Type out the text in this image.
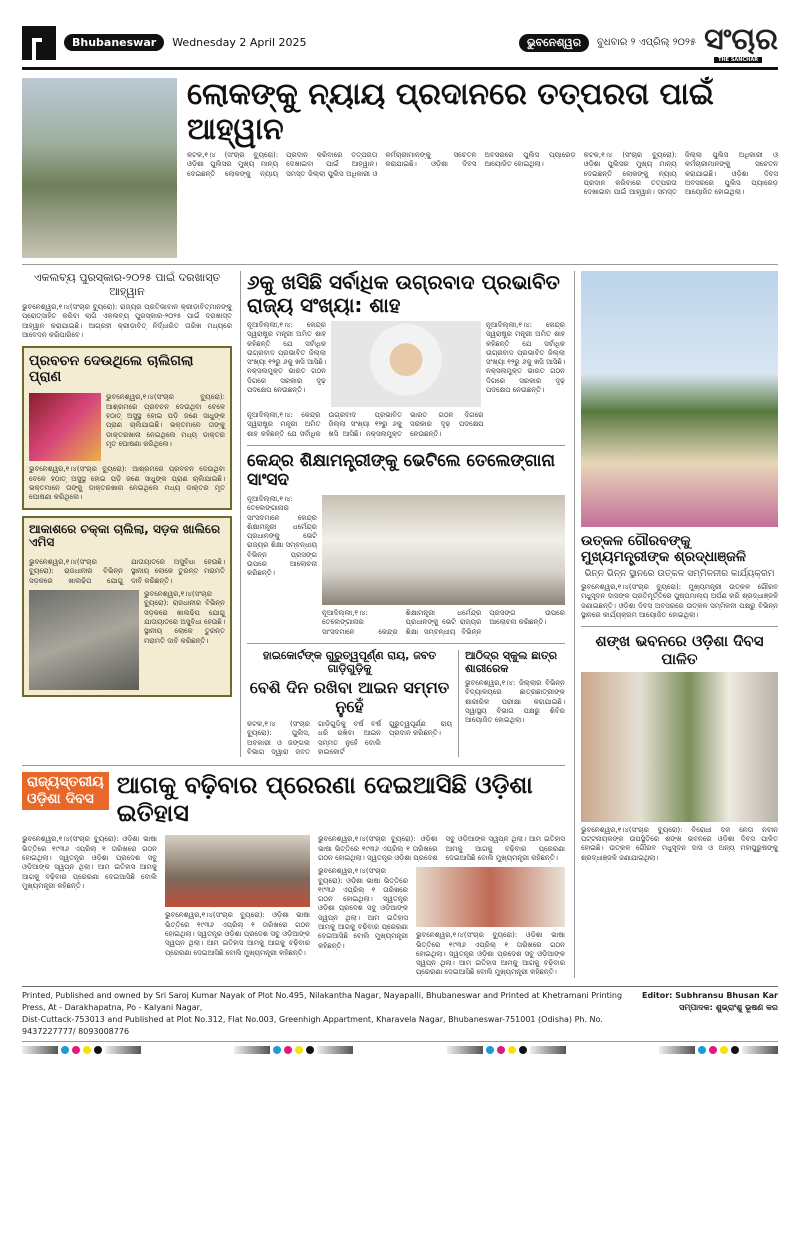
Bhubaneswar	Wednesday 2 April 2025	ଭୁବନେଶ୍ୱର	ବୁଧବାର ୨ ଏପ୍ରିଲ୍ ୨୦୨୫ ସଂଚାର
THE SANCHAR
ଲୋକଙ୍କୁ ନ୍ୟାୟ ପ୍ରଦାନରେ ତତ୍ପରତା ପାଇଁ ଆହ୍ୱାନ
କଟକ,୧।୪ (ସଂଚାର ବ୍ୟୁରୋ): ଓଡ଼ିଶା ପୁଲିସର ମୁଖ୍ୟ ମାନ୍ୟ ଦେଇଛନ୍ତି ଲୋକଙ୍କୁ ନ୍ୟାୟ ପ୍ରଦାନ କରିବାରେ ତତ୍ପରତା ଦେଖାଇବା ପାଇଁ ଆହ୍ୱାନ। ସମସ୍ତ ଜିଲ୍ଲା ପୁଲିସ ଅଧିକାରୀ ଓ କର୍ମଚାରୀମାନଙ୍କୁ ସଚେତନ କରାଯାଇଛି। ଓଡ଼ିଶା ଦିବସ ଅବସରରେ ପୁଲିସ ପ୍ୟାରେଡ଼ ଆୟୋଜିତ ହୋଇଥିଲା।
କଟକ,୧।୪ (ସଂଚାର ବ୍ୟୁରୋ): ଓଡ଼ିଶା ପୁଲିସର ମୁଖ୍ୟ ମାନ୍ୟ ଦେଇଛନ୍ତି ଲୋକଙ୍କୁ ନ୍ୟାୟ ପ୍ରଦାନ କରିବାରେ ତତ୍ପରତା ଦେଖାଇବା ପାଇଁ ଆହ୍ୱାନ। ସମସ୍ତ ଜିଲ୍ଲା ପୁଲିସ ଅଧିକାରୀ ଓ କର୍ମଚାରୀମାନଙ୍କୁ ସଚେତନ କରାଯାଇଛି। ଓଡ଼ିଶା ଦିବସ ଅବସରରେ ପୁଲିସ ପ୍ୟାରେଡ଼ ଆୟୋଜିତ ହୋଇଥିଲା।
ଏକଲବ୍ୟ ପୁରସ୍କାର-୨୦୨୫ ପାଇଁ ଦରଖାସ୍ତ ଆହ୍ୱାନ
ଭୁବନେଶ୍ୱର,୧।୪(ସଂଚାର ବ୍ୟୁରୋ): ରାଜ୍ୟର ପ୍ରତିଭାବାନ କ୍ରୀଡ଼ାବିତ୍ମାନଙ୍କୁ ପ୍ରୋତ୍ସାହିତ କରିବା ଲାଗି ଏକଲବ୍ୟ ପୁରସ୍କାର-୨୦୨୫ ପାଇଁ ଦରଖାସ୍ତ ଆହ୍ୱାନ କରାଯାଇଛି। ଆଗ୍ରହୀ କ୍ରୀଡ଼ାବିତ୍ ନିର୍ଦ୍ଧାରିତ ତାରିଖ ମଧ୍ୟରେ ଆବେଦନ କରିପାରିବେ।
ପ୍ରବଚନ ଦେଉଥିଲେ ଚାଲିଗଲା ପ୍ରାଣ
ଭୁବନେଶ୍ୱର,୧।୪(ସଂଚାର ବ୍ୟୁରୋ): ଆଶ୍ରମରେ ପ୍ରବଚନ ଦେଉଥିବା ବେଳେ ହଠାତ୍ ଅସୁସ୍ଥ ହୋଇ ପଡ଼ି ଜଣେ ସାଧୁଙ୍କ ପ୍ରାଣ ଚାଲିଯାଇଛି। ଭକ୍ତମାନେ ତାଙ୍କୁ ଡାକ୍ତରଖାନା ନେଇଥିଲେ ମଧ୍ୟ ଡାକ୍ତର ମୃତ ଘୋଷଣା କରିଥିଲେ।
ଭୁବନେଶ୍ୱର,୧।୪(ସଂଚାର ବ୍ୟୁରୋ): ଆଶ୍ରମରେ ପ୍ରବଚନ ଦେଉଥିବା ବେଳେ ହଠାତ୍ ଅସୁସ୍ଥ ହୋଇ ପଡ଼ି ଜଣେ ସାଧୁଙ୍କ ପ୍ରାଣ ଚାଲିଯାଇଛି। ଭକ୍ତମାନେ ତାଙ୍କୁ ଡାକ୍ତରଖାନା ନେଇଥିଲେ ମଧ୍ୟ ଡାକ୍ତର ମୃତ ଘୋଷଣା କରିଥିଲେ।
ଆକାଶରେ ଚକ୍କା ଚାଲିଲା, ସଡ଼କ ଖାଲିରେ ଏମିସ
ଭୁବନେଶ୍ୱର,୧।୪(ସଂଚାର ବ୍ୟୁରୋ): ରାଜଧାନୀର ବିଭିନ୍ନ ସଡ଼କରେ ଖାଲଢିପ ଯୋଗୁ ଯାତାୟାତରେ ଅସୁବିଧା ହେଉଛି। ସ୍ଥାନୀୟ ଲୋକେ ତୁରନ୍ତ ମରାମତି ଦାବି କରିଛନ୍ତି।
ଭୁବନେଶ୍ୱର,୧।୪(ସଂଚାର ବ୍ୟୁରୋ): ରାଜଧାନୀର ବିଭିନ୍ନ ସଡ଼କରେ ଖାଲଢିପ ଯୋଗୁ ଯାତାୟାତରେ ଅସୁବିଧା ହେଉଛି। ସ୍ଥାନୀୟ ଲୋକେ ତୁରନ୍ତ ମରାମତି ଦାବି କରିଛନ୍ତି।
୬କୁ ଖସିଛି ସର୍ବାଧିକ ଉଗ୍ରବାଦ ପ୍ରଭାବିତ ରାଜ୍ୟ ସଂଖ୍ୟା: ଶାହ
ନୂଆଦିଲ୍ଲୀ,୧।୪: କେନ୍ଦ୍ର ସ୍ୱରାଷ୍ଟ୍ର ମନ୍ତ୍ରୀ ଅମିତ ଶାହ କହିଛନ୍ତି ଯେ ସର୍ବାଧିକ ଉଗ୍ରବାଦ ପ୍ରଭାବିତ ଜିଲ୍ଲା ସଂଖ୍ୟା ୧୨ରୁ ୬କୁ ଖସି ଆସିଛି। ନକ୍ସଲମୁକ୍ତ ଭାରତ ଗଠନ ଦିଗରେ ସରକାର ଦୃଢ଼ ପଦକ୍ଷେପ ନେଉଛନ୍ତି।
ନୂଆଦିଲ୍ଲୀ,୧।୪: କେନ୍ଦ୍ର ସ୍ୱରାଷ୍ଟ୍ର ମନ୍ତ୍ରୀ ଅମିତ ଶାହ କହିଛନ୍ତି ଯେ ସର୍ବାଧିକ ଉଗ୍ରବାଦ ପ୍ରଭାବିତ ଜିଲ୍ଲା ସଂଖ୍ୟା ୧୨ରୁ ୬କୁ ଖସି ଆସିଛି। ନକ୍ସଲମୁକ୍ତ ଭାରତ ଗଠନ ଦିଗରେ ସରକାର ଦୃଢ଼ ପଦକ୍ଷେପ ନେଉଛନ୍ତି।
ନୂଆଦିଲ୍ଲୀ,୧।୪: କେନ୍ଦ୍ର ସ୍ୱରାଷ୍ଟ୍ର ମନ୍ତ୍ରୀ ଅମିତ ଶାହ କହିଛନ୍ତି ଯେ ସର୍ବାଧିକ ଉଗ୍ରବାଦ ପ୍ରଭାବିତ ଜିଲ୍ଲା ସଂଖ୍ୟା ୧୨ରୁ ୬କୁ ଖସି ଆସିଛି। ନକ୍ସଲମୁକ୍ତ ଭାରତ ଗଠନ ଦିଗରେ ସରକାର ଦୃଢ଼ ପଦକ୍ଷେପ ନେଉଛନ୍ତି।
କେନ୍ଦ୍ର ଶିକ୍ଷାମନ୍ତ୍ରୀଙ୍କୁ ଭେଟିଲେ ତେଲେଙ୍ଗାନା ସାଂସଦ
ନୂଆଦିଲ୍ଲୀ,୧।୪: ତେଲେଙ୍ଗାନାର ସାଂସଦମାନେ କେନ୍ଦ୍ର ଶିକ୍ଷାମନ୍ତ୍ରୀ ଧର୍ମେନ୍ଦ୍ର ପ୍ରଧାନଙ୍କୁ ଭେଟି ରାଜ୍ୟର ଶିକ୍ଷା ସମ୍ବନ୍ଧୀୟ ବିଭିନ୍ନ ପ୍ରସଙ୍ଗ ଉପରେ ଆଲୋଚନା କରିଛନ୍ତି।
ନୂଆଦିଲ୍ଲୀ,୧।୪: ତେଲେଙ୍ଗାନାର ସାଂସଦମାନେ କେନ୍ଦ୍ର ଶିକ୍ଷାମନ୍ତ୍ରୀ ଧର୍ମେନ୍ଦ୍ର ପ୍ରଧାନଙ୍କୁ ଭେଟି ରାଜ୍ୟର ଶିକ୍ଷା ସମ୍ବନ୍ଧୀୟ ବିଭିନ୍ନ ପ୍ରସଙ୍ଗ ଉପରେ ଆଲୋଚନା କରିଛନ୍ତି।
ହାଇକୋର୍ଟଙ୍କ ଗୁରୁତ୍ୱପୂର୍ଣ୍ଣ ରାୟ, ଜବତ ଗାଡ଼ିଗୁଡ଼ିକୁ
ବେଶି ଦିନ ରଖିବା ଆଇନ ସମ୍ମତ ନୁହେଁ
କଟକ,୧।୪ (ସଂଚାର ବ୍ୟୁରୋ): ପୁଲିସ, ଅବକାରୀ ଓ ଜଙ୍ଗଲ ବିଭାଗ ଦ୍ୱାରା ଜବତ ଗାଡ଼ିଗୁଡ଼ିକୁ ବର୍ଷ ବର୍ଷ ଧରି ରଖିବା ଆଇନ ସମ୍ମତ ନୁହେଁ ବୋଲି ହାଇକୋର୍ଟ ଗୁରୁତ୍ୱପୂର୍ଣ୍ଣ ରାୟ ପ୍ରଦାନ କରିଛନ୍ତି।
ଆଠିଦ୍ର ସ୍କୁଲ ଛାତ୍ର ଶାରୀରେକ
ଭୁବନେଶ୍ୱର,୧।୪: ଜିଲ୍ଲାର ବିଭିନ୍ନ ବିଦ୍ୟାଳୟରେ ଛାତ୍ରଛାତ୍ରୀଙ୍କ ଶାରୀରିକ ପରୀକ୍ଷା କରାଯାଇଛି। ସ୍ୱାସ୍ଥ୍ୟ ବିଭାଗ ପକ୍ଷରୁ ଶିବିର ଆୟୋଜିତ ହୋଇଥିଲା।
ରାଜ୍ୟସ୍ତରୀୟ
ଓଡ଼ିଶା ଦିବସ ଆଗକୁ ବଢ଼ିବାର ପ୍ରେରଣା ଦେଇଆସିଛି ଓଡ଼ିଶା ଇତିହାସ
ଭୁବନେଶ୍ୱର,୧।୪(ସଂଚାର ବ୍ୟୁରୋ): ଓଡ଼ିଶା ଭାଷା ଭିତ୍ତିରେ ୧୯୩୬ ଏପ୍ରିଲ୍ ୧ ତାରିଖରେ ଗଠନ ହୋଇଥିଲା। ସ୍ୱତନ୍ତ୍ର ଓଡ଼ିଶା ପ୍ରଦେଶ ସବୁ ଓଡ଼ିଆଙ୍କ ସ୍ୱପ୍ନ ଥିଲା। ଆମ ଇତିହାସ ଆମକୁ ଆଗକୁ ବଢ଼ିବାର ପ୍ରେରଣା ଦେଇଆସିଛି ବୋଲି ମୁଖ୍ୟମନ୍ତ୍ରୀ କହିଛନ୍ତି।
ଭୁବନେଶ୍ୱର,୧।୪(ସଂଚାର ବ୍ୟୁରୋ): ଓଡ଼ିଶା ଭାଷା ଭିତ୍ତିରେ ୧୯୩୬ ଏପ୍ରିଲ୍ ୧ ତାରିଖରେ ଗଠନ ହୋଇଥିଲା। ସ୍ୱତନ୍ତ୍ର ଓଡ଼ିଶା ପ୍ରଦେଶ ସବୁ ଓଡ଼ିଆଙ୍କ ସ୍ୱପ୍ନ ଥିଲା। ଆମ ଇତିହାସ ଆମକୁ ଆଗକୁ ବଢ଼ିବାର ପ୍ରେରଣା ଦେଇଆସିଛି ବୋଲି ମୁଖ୍ୟମନ୍ତ୍ରୀ କହିଛନ୍ତି।
ଭୁବନେଶ୍ୱର,୧।୪(ସଂଚାର ବ୍ୟୁରୋ): ଓଡ଼ିଶା ଭାଷା ଭିତ୍ତିରେ ୧୯୩୬ ଏପ୍ରିଲ୍ ୧ ତାରିଖରେ ଗଠନ ହୋଇଥିଲା। ସ୍ୱତନ୍ତ୍ର ଓଡ଼ିଶା ପ୍ରଦେଶ ସବୁ ଓଡ଼ିଆଙ୍କ ସ୍ୱପ୍ନ ଥିଲା। ଆମ ଇତିହାସ ଆମକୁ ଆଗକୁ ବଢ଼ିବାର ପ୍ରେରଣା ଦେଇଆସିଛି ବୋଲି ମୁଖ୍ୟମନ୍ତ୍ରୀ କହିଛନ୍ତି।
ଭୁବନେଶ୍ୱର,୧।୪(ସଂଚାର ବ୍ୟୁରୋ): ଓଡ଼ିଶା ଭାଷା ଭିତ୍ତିରେ ୧୯୩୬ ଏପ୍ରିଲ୍ ୧ ତାରିଖରେ ଗଠନ ହୋଇଥିଲା। ସ୍ୱତନ୍ତ୍ର ଓଡ଼ିଶା ପ୍ରଦେଶ ସବୁ ଓଡ଼ିଆଙ୍କ ସ୍ୱପ୍ନ ଥିଲା। ଆମ ଇତିହାସ ଆମକୁ ଆଗକୁ ବଢ଼ିବାର ପ୍ରେରଣା ଦେଇଆସିଛି ବୋଲି ମୁଖ୍ୟମନ୍ତ୍ରୀ କହିଛନ୍ତି।
ଭୁବନେଶ୍ୱର,୧।୪(ସଂଚାର ବ୍ୟୁରୋ): ଓଡ଼ିଶା ଭାଷା ଭିତ୍ତିରେ ୧୯୩୬ ଏପ୍ରିଲ୍ ୧ ତାରିଖରେ ଗଠନ ହୋଇଥିଲା। ସ୍ୱତନ୍ତ୍ର ଓଡ଼ିଶା ପ୍ରଦେଶ ସବୁ ଓଡ଼ିଆଙ୍କ ସ୍ୱପ୍ନ ଥିଲା। ଆମ ଇତିହାସ ଆମକୁ ଆଗକୁ ବଢ଼ିବାର ପ୍ରେରଣା ଦେଇଆସିଛି ବୋଲି ମୁଖ୍ୟମନ୍ତ୍ରୀ କହିଛନ୍ତି।
ଉତ୍କଳ ଗୌରବଙ୍କୁ ମୁଖ୍ୟମନ୍ତ୍ରୀଙ୍କ ଶ୍ରଦ୍ଧାଞ୍ଜଳି
ଭିନ୍ନ ଭିନ୍ନ ସ୍ଥାନରେ ଉତ୍କଳ ସମ୍ମିଳନୀର କାର୍ଯ୍ୟକ୍ରମ
ଭୁବନେଶ୍ୱର,୧।୪(ସଂଚାର ବ୍ୟୁରୋ): ମୁଖ୍ୟମନ୍ତ୍ରୀ ଉତ୍କଳ ଗୌରବ ମଧୁସୂଦନ ଦାସଙ୍କ ପ୍ରତିମୂର୍ତ୍ତିରେ ପୁଷ୍ପମାଲ୍ୟ ଅର୍ପଣ କରି ଶ୍ରଦ୍ଧାଞ୍ଜଳି ଜଣାଇଛନ୍ତି। ଓଡ଼ିଶା ଦିବସ ଅବସରରେ ଉତ୍କଳ ସମ୍ମିଳନୀ ପକ୍ଷରୁ ବିଭିନ୍ନ ସ୍ଥାନରେ କାର୍ଯ୍ୟକ୍ରମ ଆୟୋଜିତ ହୋଇଥିଲା।
ଶଙ୍ଖ ଭବନରେ ଓଡ଼ିଶା ଦିବସ ପାଳିତ
ଭୁବନେଶ୍ୱର,୧।୪(ସଂଚାର ବ୍ୟୁରୋ): ବିରୋଧୀ ଦଳ ନେତା ନବୀନ ପଟ୍ଟନାୟକଙ୍କ ଉପସ୍ଥିତିରେ ଶଙ୍ଖ ଭବନରେ ଓଡ଼ିଶା ଦିବସ ପାଳିତ ହୋଇଛି। ଉତ୍କଳ ଗୌରବ ମଧୁସୂଦନ ଦାସ ଓ ଅନ୍ୟ ମହାପୁରୁଷଙ୍କୁ ଶ୍ରଦ୍ଧାଞ୍ଜଳି ଜଣାଯାଇଥିଲା।
Printed, Published and owned by Sri Saroj Kumar Nayak of Plot No.495, Nilakantha Nagar, Nayapalli, Bhubaneswar and Printed at Khetramani Printing Press, At - Darakhapatna, Po - Kalyani Nagar,
Dist-Cuttack-753013 and Published at Plot No.312, Flat No.003, Greenhigh Appartment, Kharavela Nagar, Bhubaneswar-751001 (Odisha) Ph. No. 9437227777/ 8093008776
Editor: Subhransu Bhusan Kar
ସମ୍ପାଦକ: ଶୁଭ୍ରାଂଶୁ ଭୂଷଣ କର
